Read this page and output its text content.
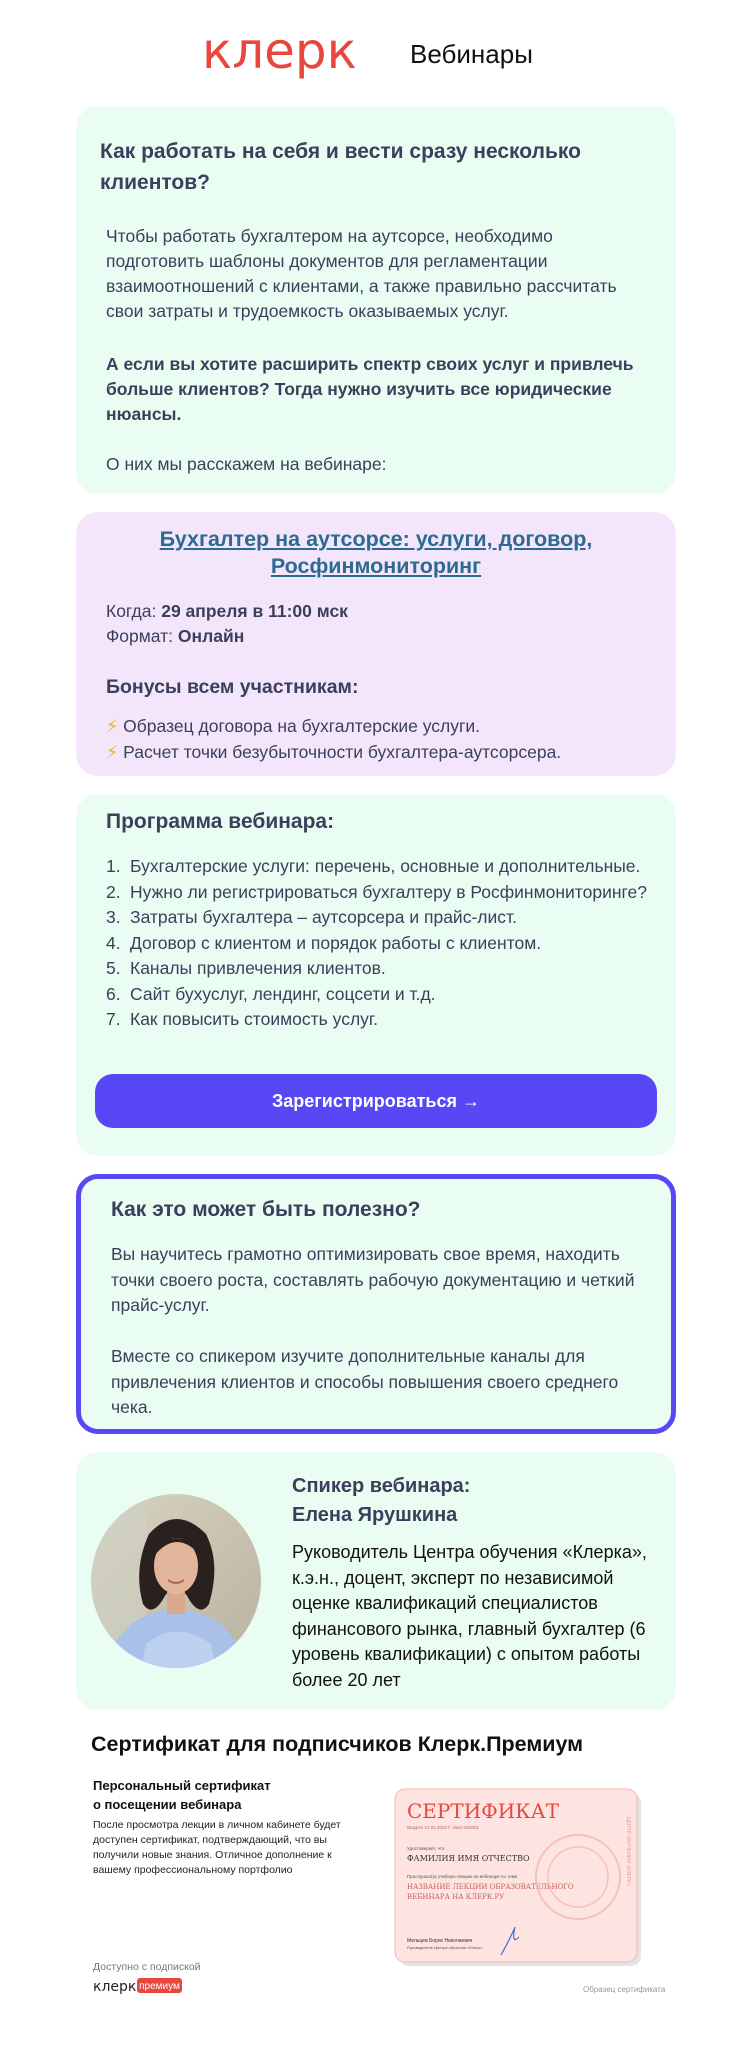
клерк Вебинары
Как работать на себя и вести сразу несколько клиентов?

Чтобы работать бухгалтером на аутсорсе, необходимо подготовить шаблоны документов для регламентации взаимоотношений с клиентами, а также правильно рассчитать свои затраты и трудоемкость оказываемых услуг.

А если вы хотите расширить спектр своих услуг и привлечь больше клиентов? Тогда нужно изучить все юридические нюансы.

О них мы расскажем на вебинаре:

Бухгалтер на аутсорсе: услуги, договор, Росфинмониторинг
Когда: 29 апреля в 11:00 мск
Формат: Онлайн
Бонусы всем участникам:
⚡ Образец договора на бухгалтерские услуги.
⚡ Расчет точки безубыточности бухгалтера-аутсорсера.
Программа вебинара:
1. Бухгалтерские услуги: перечень, основные и дополнительные.
2. Нужно ли регистрироваться бухгалтеру в Росфинмониторинге?
3. Затраты бухгалтера – аутсорсера и прайс-лист.
4. Договор с клиентом и порядок работы с клиентом.
5. Каналы привлечения клиентов.
6. Сайт бухуслуг, лендинг, соцсети и т.д.
7. Как повысить стоимость услуг.
Зарегистрироваться →
Как это может быть полезно?

Вы научитесь грамотно оптимизировать свое время, находить точки своего роста, составлять рабочую документацию и четкий прайс-услуг.

Вместе со спикером изучите дополнительные каналы для привлечения клиентов и способы повышения своего среднего чека.

Спикер вебинара:
Елена Ярушкина
Руководитель Центра обучения «Клерка», к.э.н., доцент, эксперт по независимой оценке квалификаций специалистов финансового рынка, главный бухгалтер (6 уровень квалификации) с опытом работы более 20 лет
Сертификат для подписчиков Клерк.Премиум
Персональный сертификат
о посещении вебинара
После просмотра лекции в личном кабинете будет доступен сертификат, подтверждающий, что вы получили новые знания. Отличное дополнение к вашему профессиональному портфолио
Доступно с подпиской
клерк премиум
СЕРТИФИКАТ
ВЫДАН 01.01.2022 Г. №01-000001
Удостоверяет, что
ФАМИЛИЯ ИМЯ ОТЧЕСТВО
Прослушал(а) учебную лекцию на вебинаре по теме
НАЗВАНИЕ ЛЕКЦИИ ОБРАЗОВАТЕЛЬНОГО
ВЕБИНАРА НА КЛЕРК.РУ
Мельцев Борис Николаевич
Руководитель Центра обучения «Клерк»
ЦЕНТР ОБУЧЕНИЯ «КЛЕРК»
Образец сертификата
